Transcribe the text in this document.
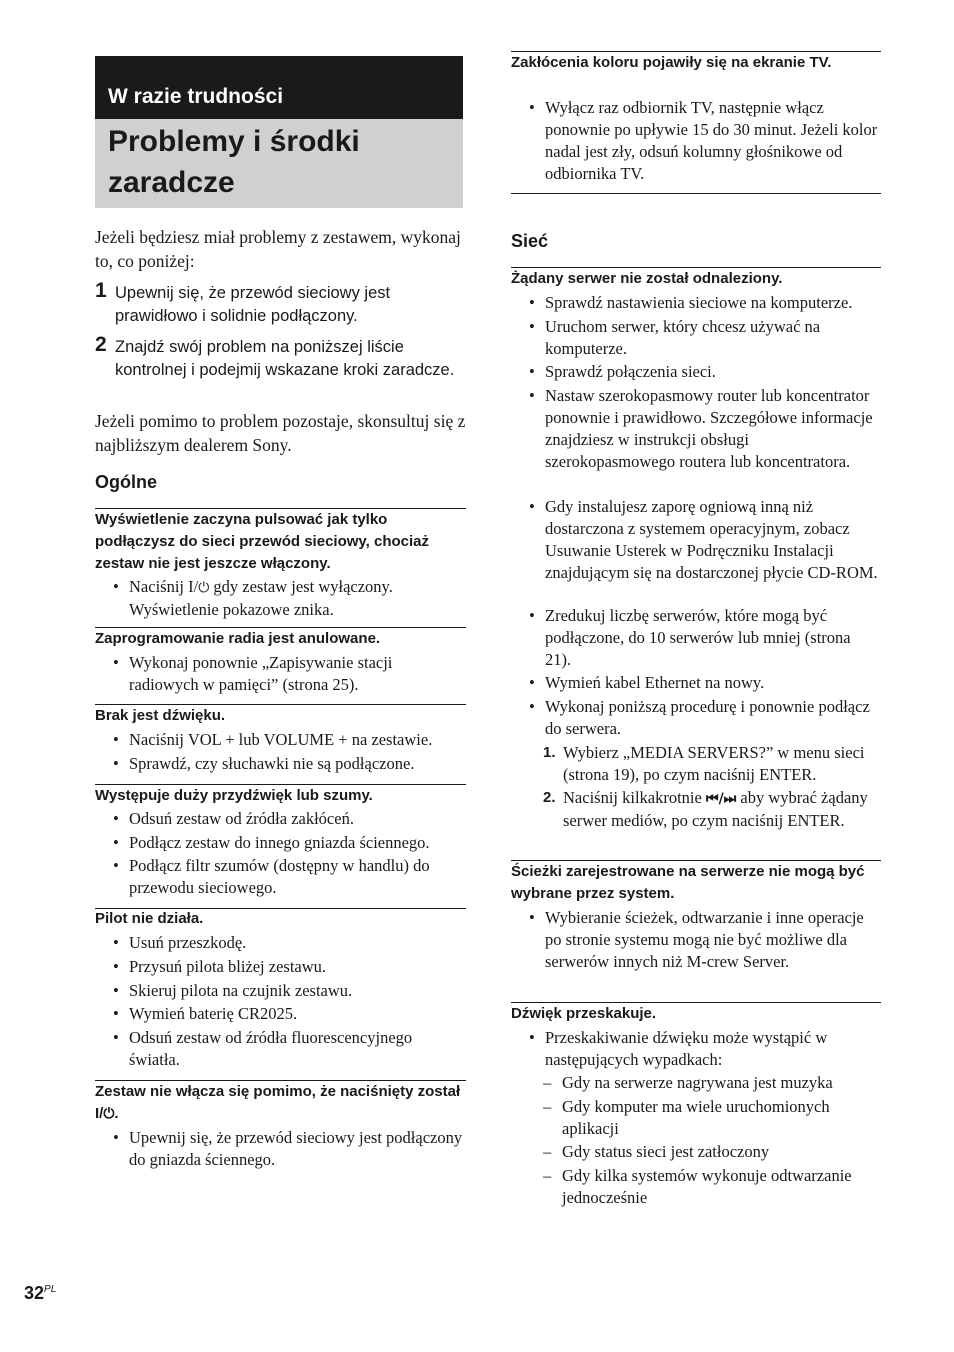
W razie trudności
Problemy i środki zaradcze
Jeżeli będziesz miał problemy z zestawem, wykonaj to, co poniżej:
1 Upewnij się, że przewód sieciowy jest prawidłowo i solidnie podłączony.
2 Znajdź swój problem na poniższej liście kontrolnej i podejmij wskazane kroki zaradcze.
Jeżeli pomimo to problem pozostaje, skonsultuj się z najbliższym dealerem Sony.
Ogólne
Wyświetlenie zaczyna pulsować jak tylko podłączysz do sieci przewód sieciowy, chociaż zestaw nie jest jeszcze włączony.
• Naciśnij I/⏻ gdy zestaw jest wyłączony. Wyświetlenie pokazowe znika.
Zaprogramowanie radia jest anulowane.
• Wykonaj ponownie „Zapisywanie stacji radiowych w pamięci” (strona 25).
Brak jest dźwięku.
• Naciśnij VOL + lub VOLUME + na zestawie.
• Sprawdź, czy słuchawki nie są podłączone.
Występuje duży przydźwięk lub szumy.
• Odsuń zestaw od źródła zakłóceń.
• Podłącz zestaw do innego gniazda ściennego.
• Podłącz filtr szumów (dostępny w handlu) do przewodu sieciowego.
Pilot nie działa.
• Usuń przeszkodę.
• Przysuń pilota bliżej zestawu.
• Skieruj pilota na czujnik zestawu.
• Wymień baterię CR2025.
• Odsuń zestaw od źródła fluorescencyjnego światła.
Zestaw nie włącza się pomimo, że naciśnięty został I/⏻.
• Upewnij się, że przewód sieciowy jest podłączony do gniazda ściennego.
Zakłócenia koloru pojawiły się na ekranie TV.
• Wyłącz raz odbiornik TV, następnie włącz ponownie po upływie 15 do 30 minut. Jeżeli kolor nadal jest zły, odsuń kolumny głośnikowe od odbiornika TV.
Sieć
Żądany serwer nie został odnaleziony.
• Sprawdź nastawienia sieciowe na komputerze.
• Uruchom serwer, który chcesz używać na komputerze.
• Sprawdź połączenia sieci.
• Nastaw szerokopasmowy router lub koncentrator ponownie i prawidłowo. Szczegółowe informacje znajdziesz w instrukcji obsługi szerokopasmowego routera lub koncentratora.
• Gdy instalujesz zaporę ogniową inną niż dostarczona z systemem operacyjnym, zobacz Usuwanie Usterek w Podręczniku Instalacji znajdującym się na dostarczonej płycie CD-ROM.
• Zredukuj liczbę serwerów, które mogą być podłączone, do 10 serwerów lub mniej (strona 21).
• Wymień kabel Ethernet na nowy.
• Wykonaj poniższą procedurę i ponownie podłącz do serwera.
1. Wybierz „MEDIA SERVERS?” w menu sieci (strona 19), po czym naciśnij ENTER.
2. Naciśnij kilkakrotnie ⏮/⏭ aby wybrać żądany serwer mediów, po czym naciśnij ENTER.
Ścieżki zarejestrowane na serwerze nie mogą być wybrane przez system.
• Wybieranie ścieżek, odtwarzanie i inne operacje po stronie systemu mogą nie być możliwe dla serwerów innych niż M-crew Server.
Dźwięk przeskakuje.
• Przeskakiwanie dźwięku może wystąpić w następujących wypadkach:
– Gdy na serwerze nagrywana jest muzyka
– Gdy komputer ma wiele uruchomionych aplikacji
– Gdy status sieci jest zatłoczony
– Gdy kilka systemów wykonuje odtwarzanie jednocześnie
$32^{PL}$
